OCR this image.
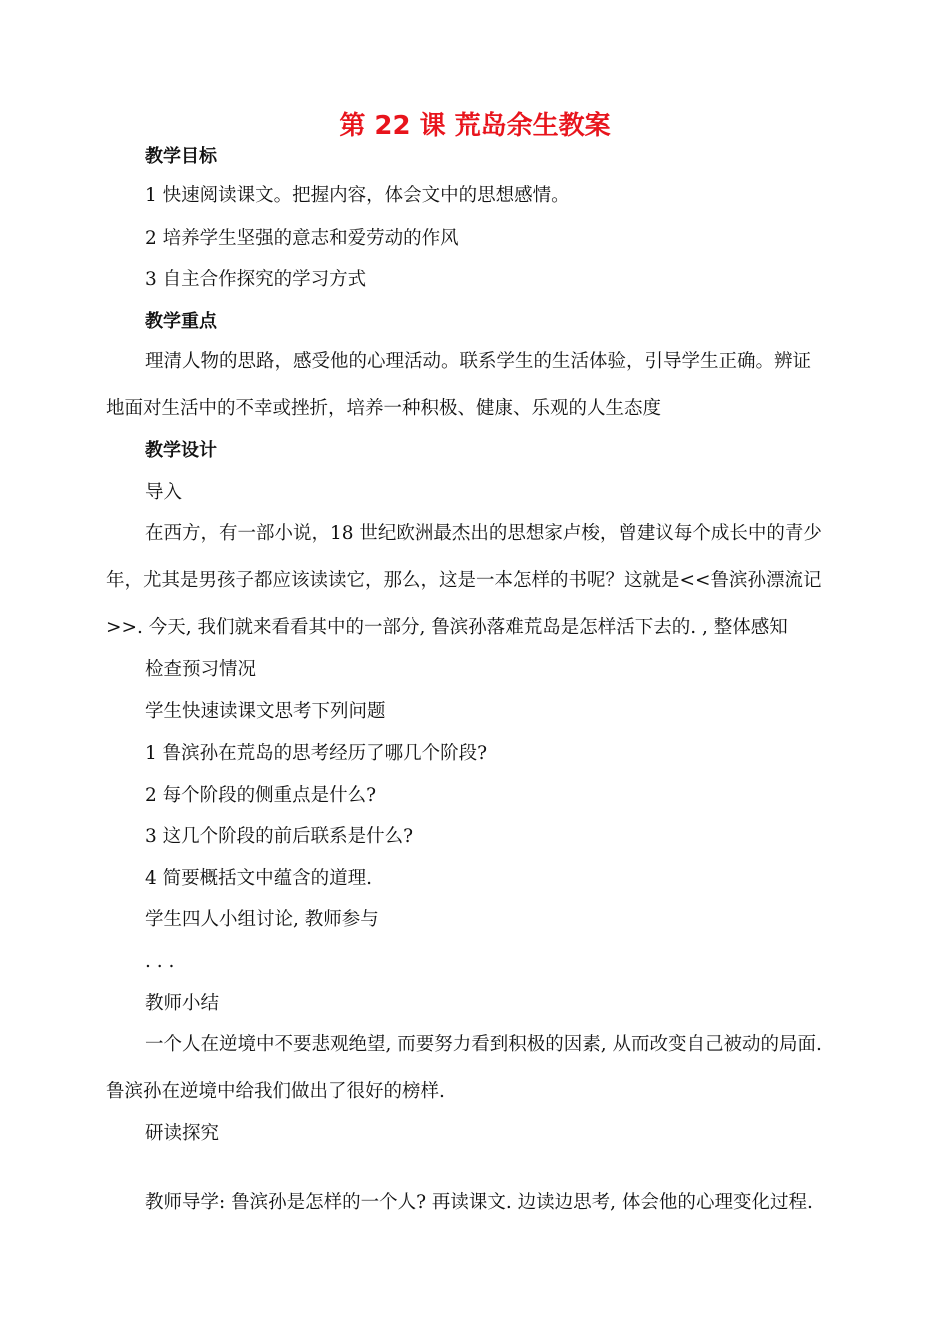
第 22 课 荒岛余生教案

教学目标

1 快速阅读课文。把握内容，体会文中的思想感情。

2 培养学生坚强的意志和爱劳动的作风

3 自主合作探究的学习方式

教学重点

理清人物的思路，感受他的心理活动。联系学生的生活体验，引导学生正确。辨证

地面对生活中的不幸或挫折，培养一种积极、健康、乐观的人生态度

教学设计

导入

在西方，有一部小说，18 世纪欧洲最杰出的思想家卢梭，曾建议每个成长中的青少

年，尤其是男孩子都应该读读它，那么，这是一本怎样的书呢？这就是<<鲁滨孙漂流记

>>. 今天, 我们就来看看其中的一部分, 鲁滨孙落难荒岛是怎样活下去的. , 整体感知

检查预习情况

学生快速读课文思考下列问题

1 鲁滨孙在荒岛的思考经历了哪几个阶段?

2 每个阶段的侧重点是什么?

3 这几个阶段的前后联系是什么?

4 简要概括文中蕴含的道理.

学生四人小组讨论, 教师参与

. . .

教师小结

一个人在逆境中不要悲观绝望, 而要努力看到积极的因素, 从而改变自己被动的局面.

鲁滨孙在逆境中给我们做出了很好的榜样.

研读探究

教师导学: 鲁滨孙是怎样的一个人? 再读课文. 边读边思考, 体会他的心理变化过程.
